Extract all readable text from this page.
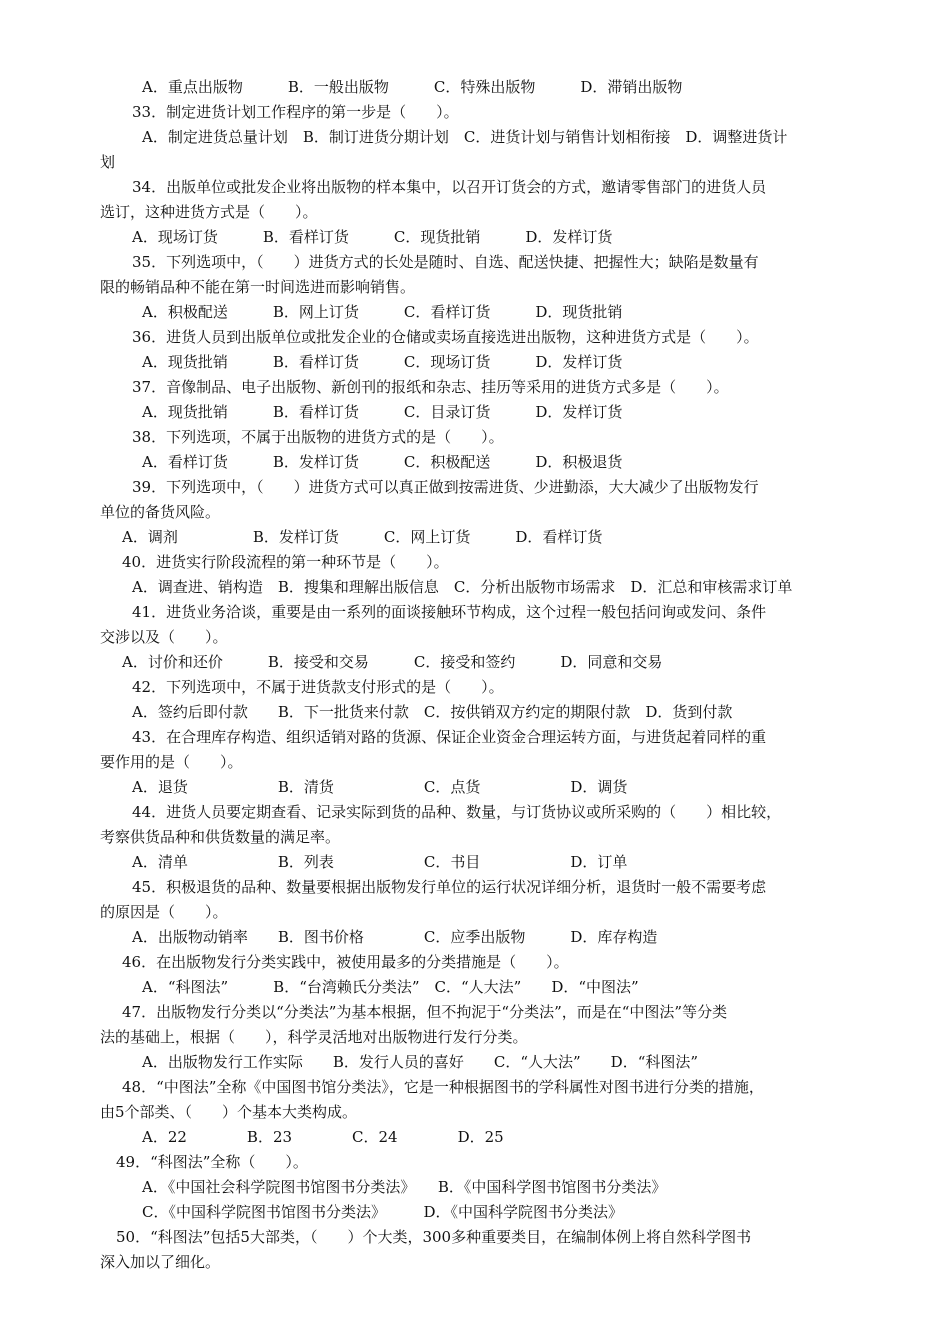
A．重点出版物　　　B．一般出版物　　　C．特殊出版物　　　D．滞销出版物
33．制定进货计划工作程序的第一步是（　　）。
A．制定进货总量计划　B．制订进货分期计划　C．进货计划与销售计划相衔接　D．调整进货计
划
34．出版单位或批发企业将出版物的样本集中，以召开订货会的方式，邀请零售部门的进货人员
选订，这种进货方式是（　　）。
A．现场订货　　　B．看样订货　　　C．现货批销　　　D．发样订货
35．下列选项中，（　　）进货方式的长处是随时、自选、配送快捷、把握性大；缺陷是数量有
限的畅销品种不能在第一时间选进而影响销售。
A．积极配送　　　B．网上订货　　　C．看样订货　　　D．现货批销
36．进货人员到出版单位或批发企业的仓储或卖场直接选进出版物，这种进货方式是（　　）。
A．现货批销　　　B．看样订货　　　C．现场订货　　　D．发样订货
37．音像制品、电子出版物、新创刊的报纸和杂志、挂历等采用的进货方式多是（　　）。
A．现货批销　　　B．看样订货　　　C．目录订货　　　D．发样订货
38．下列选项，不属于出版物的进货方式的是（　　）。
A．看样订货　　　B．发样订货　　　C．积极配送　　　D．积极退货
39．下列选项中，（　　）进货方式可以真正做到按需进货、少进勤添，大大减少了出版物发行
单位的备货风险。
A．调剂　　　　　B．发样订货　　　C．网上订货　　　D．看样订货
40．进货实行阶段流程的第一种环节是（　　）。
A．调查进、销构造　B．搜集和理解出版信息　C．分析出版物市场需求　D．汇总和审核需求订单
41．进货业务洽谈，重要是由一系列的面谈接触环节构成，这个过程一般包括问询或发问、条件
交涉以及（　　）。
A．讨价和还价　　　B．接受和交易　　　C．接受和签约　　　D．同意和交易
42．下列选项中，不属于进货款支付形式的是（　　）。
A．签约后即付款　　B．下一批货来付款　C．按供销双方约定的期限付款　D．货到付款
43．在合理库存构造、组织适销对路的货源、保证企业资金合理运转方面，与进货起着同样的重
要作用的是（　　）。
A．退货　　　　　　B．清货　　　　　　C．点货　　　　　　D．调货
44．进货人员要定期查看、记录实际到货的品种、数量，与订货协议或所采购的（　　）相比较，
考察供货品种和供货数量的满足率。
A．清单　　　　　　B．列表　　　　　　C．书目　　　　　　D．订单
45．积极退货的品种、数量要根据出版物发行单位的运行状况详细分析，退货时一般不需要考虑
的原因是（　　）。
A．出版物动销率　　B．图书价格　　　　C．应季出版物　　　D．库存构造
46．在出版物发行分类实践中，被使用最多的分类措施是（　　）。
A．“科图法”　　　B．“台湾赖氏分类法”　C．“人大法”　　D．“中图法”
47．出版物发行分类以“分类法”为基本根据，但不拘泥于“分类法”，而是在“中图法”等分类
法的基础上，根据（　　），科学灵活地对出版物进行发行分类。
A．出版物发行工作实际　　B．发行人员的喜好　　C．“人大法”　　D．“科图法”
48．“中图法”全称《中国图书馆分类法》，它是一种根据图书的学科属性对图书进行分类的措施，
由5个部类、（　　）个基本大类构成。
A．22　　　　B．23　　　　C．24　　　　D．25
49．“科图法”全称（　　）。
A．《中国社会科学院图书馆图书分类法》　　B．《中国科学图书馆图书分类法》
C．《中国科学院图书馆图书分类法》　　　D．《中国科学院图书分类法》
50．“科图法”包括5大部类，（　　）个大类，300多种重要类目，在编制体例上将自然科学图书
深入加以了细化。
